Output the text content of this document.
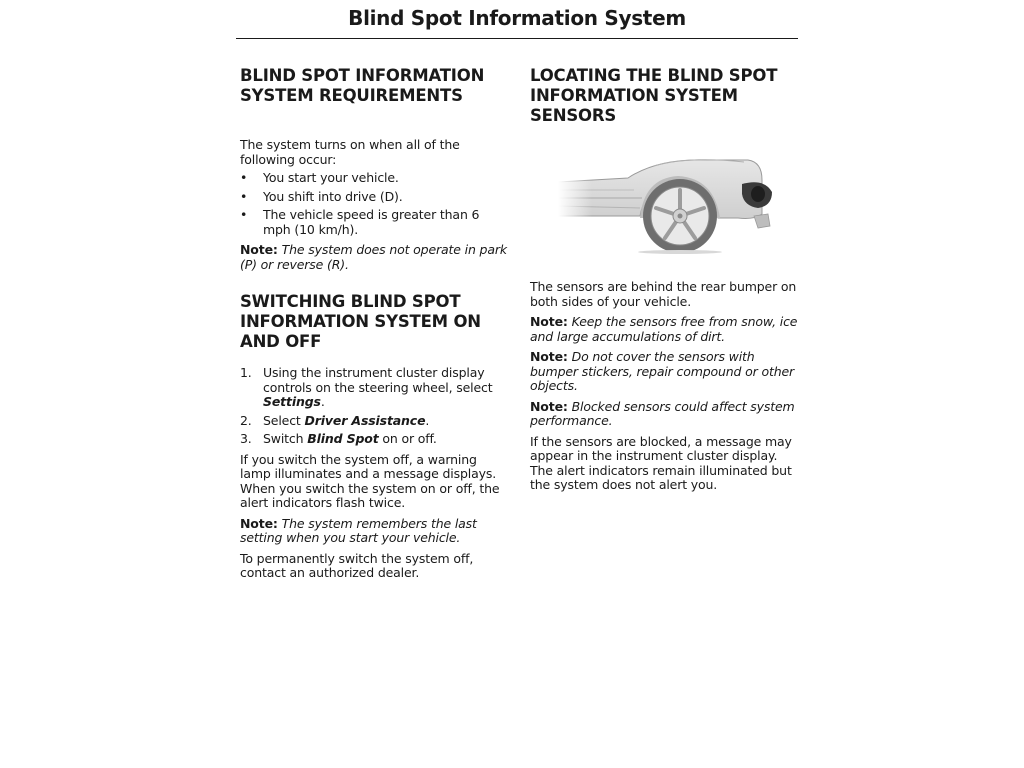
Blind Spot Information System
BLIND SPOT INFORMATION SYSTEM REQUIREMENTS

The system turns on when all of the following occur:

• You start your vehicle.
• You shift into drive (D).
• The vehicle speed is greater than 6 mph (10 km/h).

Note: The system does not operate in park (P) or reverse (R).

SWITCHING BLIND SPOT INFORMATION SYSTEM ON AND OFF
1. Using the instrument cluster display controls on the steering wheel, select Settings.
2. Select Driver Assistance.
3. Switch Blind Spot on or off.

If you switch the system off, a warning lamp illuminates and a message displays. When you switch the system on or off, the alert indicators flash twice.

Note: The system remembers the last setting when you start your vehicle.

To permanently switch the system off, contact an authorized dealer.

LOCATING THE BLIND SPOT INFORMATION SYSTEM SENSORS

The sensors are behind the rear bumper on both sides of your vehicle.

Note: Keep the sensors free from snow, ice and large accumulations of dirt.

Note: Do not cover the sensors with bumper stickers, repair compound or other objects.

Note: Blocked sensors could affect system performance.

If the sensors are blocked, a message may appear in the instrument cluster display. The alert indicators remain illuminated but the system does not alert you.
